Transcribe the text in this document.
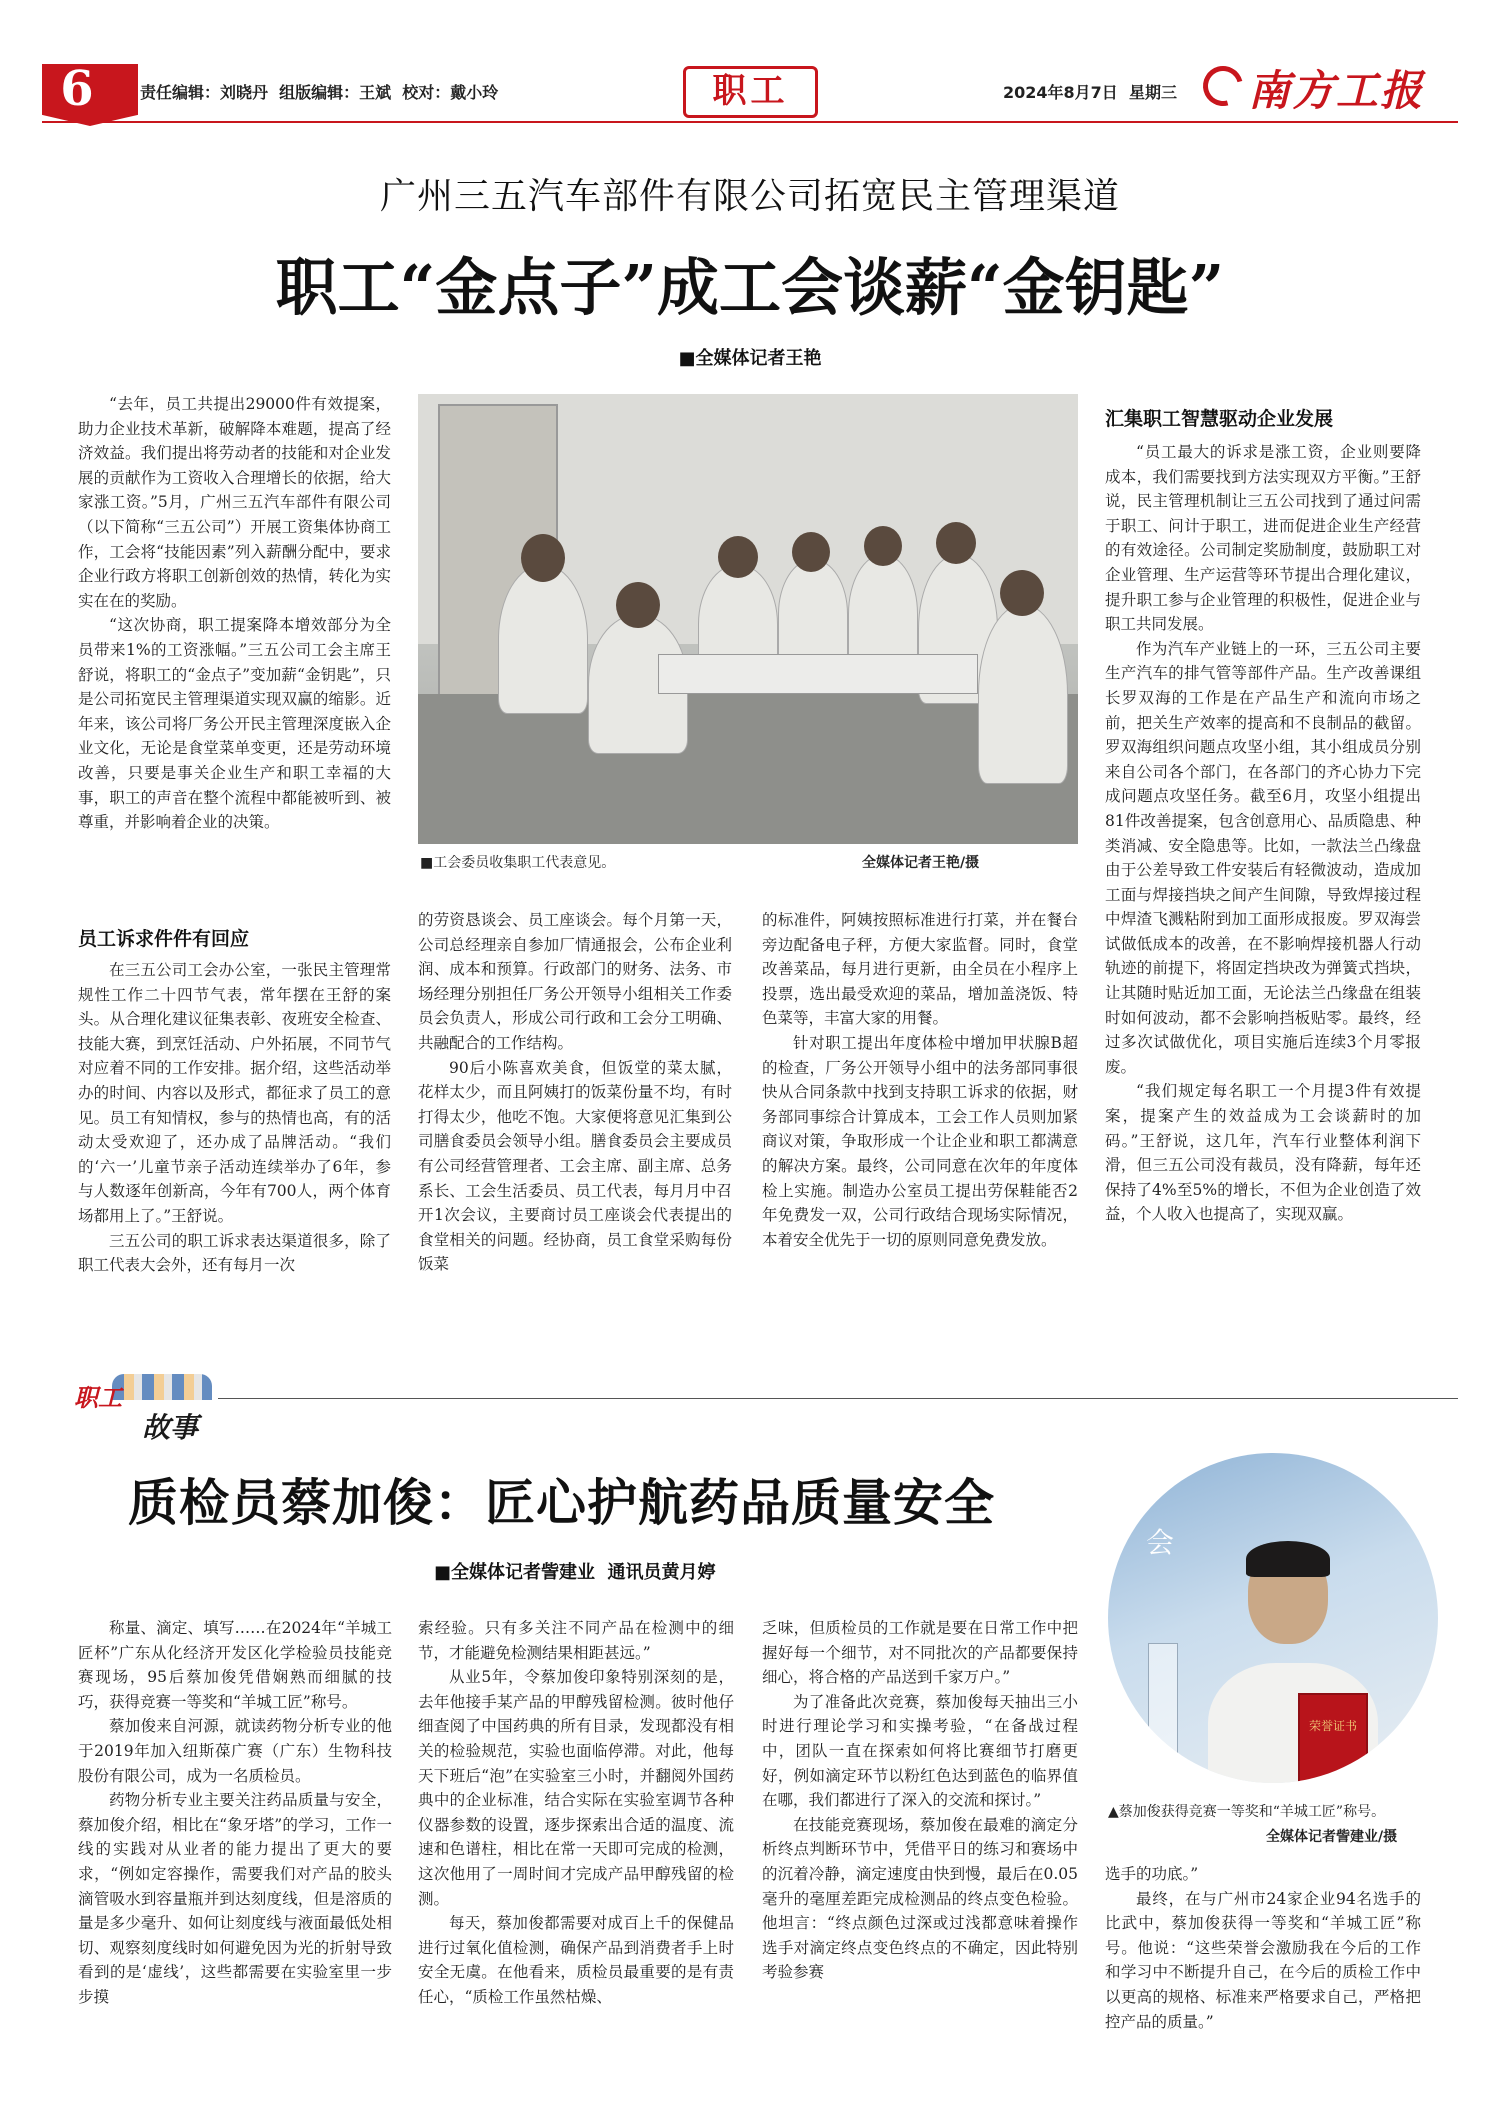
6	责任编辑：刘晓丹  组版编辑：王斌  校对：戴小玲	职工	2024年8月7日  星期三 南方工报
广州三五汽车部件有限公司拓宽民主管理渠道
职工“金点子”成工会谈薪“金钥匙”
■全媒体记者王艳

“去年，员工共提出29000件有效提案，助力企业技术革新，破解降本难题，提高了经济效益。我们提出将劳动者的技能和对企业发展的贡献作为工资收入合理增长的依据，给大家涨工资。”5月，广州三五汽车部件有限公司（以下简称“三五公司”）开展工资集体协商工作，工会将“技能因素”列入薪酬分配中，要求企业行政方将职工创新创效的热情，转化为实实在在的奖励。

“这次协商，职工提案降本增效部分为全员带来1%的工资涨幅。”三五公司工会主席王舒说，将职工的“金点子”变加薪“金钥匙”，只是公司拓宽民主管理渠道实现双赢的缩影。近年来，该公司将厂务公开民主管理深度嵌入企业文化，无论是食堂菜单变更，还是劳动环境改善，只要是事关企业生产和职工幸福的大事，职工的声音在整个流程中都能被听到、被尊重，并影响着企业的决策。

员工诉求件件有回应

在三五公司工会办公室，一张民主管理常规性工作二十四节气表，常年摆在王舒的案头。从合理化建议征集表彰、夜班安全检查、技能大赛，到烹饪活动、户外拓展，不同节气对应着不同的工作安排。据介绍，这些活动举办的时间、内容以及形式，都征求了员工的意见。员工有知情权，参与的热情也高，有的活动太受欢迎了，还办成了品牌活动。“我们的‘六一’儿童节亲子活动连续举办了6年，参与人数逐年创新高，今年有700人，两个体育场都用上了。”王舒说。

三五公司的职工诉求表达渠道很多，除了职工代表大会外，还有每月一次

■工会委员收集职工代表意见。	全媒体记者王艳/摄

的劳资恳谈会、员工座谈会。每个月第一天，公司总经理亲自参加厂情通报会，公布企业利润、成本和预算。行政部门的财务、法务、市场经理分别担任厂务公开领导小组相关工作委员会负责人，形成公司行政和工会分工明确、共融配合的工作结构。

90后小陈喜欢美食，但饭堂的菜太腻，花样太少，而且阿姨打的饭菜份量不均，有时打得太少，他吃不饱。大家便将意见汇集到公司膳食委员会领导小组。膳食委员会主要成员有公司经营管理者、工会主席、副主席、总务系长、工会生活委员、员工代表，每月月中召开1次会议，主要商讨员工座谈会代表提出的食堂相关的问题。经协商，员工食堂采购每份饭菜

的标准件，阿姨按照标准进行打菜，并在餐台旁边配备电子秤，方便大家监督。同时，食堂改善菜品，每月进行更新，由全员在小程序上投票，选出最受欢迎的菜品，增加盖浇饭、特色菜等，丰富大家的用餐。

针对职工提出年度体检中增加甲状腺B超的检查，厂务公开领导小组中的法务部同事很快从合同条款中找到支持职工诉求的依据，财务部同事综合计算成本，工会工作人员则加紧商议对策，争取形成一个让企业和职工都满意的解决方案。最终，公司同意在次年的年度体检上实施。制造办公室员工提出劳保鞋能否2年免费发一双，公司行政结合现场实际情况，本着安全优先于一切的原则同意免费发放。

汇集职工智慧驱动企业发展

“员工最大的诉求是涨工资，企业则要降成本，我们需要找到方法实现双方平衡。”王舒说，民主管理机制让三五公司找到了通过问需于职工、问计于职工，进而促进企业生产经营的有效途径。公司制定奖励制度，鼓励职工对企业管理、生产运营等环节提出合理化建议，提升职工参与企业管理的积极性，促进企业与职工共同发展。

作为汽车产业链上的一环，三五公司主要生产汽车的排气管等部件产品。生产改善课组长罗双海的工作是在产品生产和流向市场之前，把关生产效率的提高和不良制品的截留。罗双海组织问题点攻坚小组，其小组成员分别来自公司各个部门，在各部门的齐心协力下完成问题点攻坚任务。截至6月，攻坚小组提出81件改善提案，包含创意用心、品质隐患、种类消减、安全隐患等。比如，一款法兰凸缘盘由于公差导致工件安装后有轻微波动，造成加工面与焊接挡块之间产生间隙，导致焊接过程中焊渣飞溅粘附到加工面形成报废。罗双海尝试做低成本的改善，在不影响焊接机器人行动轨迹的前提下，将固定挡块改为弹簧式挡块，让其随时贴近加工面，无论法兰凸缘盘在组装时如何波动，都不会影响挡板贴零。最终，经过多次试做优化，项目实施后连续3个月零报废。

“我们规定每名职工一个月提3件有效提案，提案产生的效益成为工会谈薪时的加码。”王舒说，这几年，汽车行业整体利润下滑，但三五公司没有裁员，没有降薪，每年还保持了4%至5%的增长，不但为企业创造了效益，个人收入也提高了，实现双赢。

职工
故事
质检员蔡加俊：匠心护航药品质量安全
■全媒体记者訾建业  通讯员黄月婷
会
荣誉证书
▲蔡加俊获得竞赛一等奖和“羊城工匠”称号。
全媒体记者訾建业/摄

称量、滴定、填写……在2024年“羊城工匠杯”广东从化经济开发区化学检验员技能竞赛现场，95后蔡加俊凭借娴熟而细腻的技巧，获得竞赛一等奖和“羊城工匠”称号。

蔡加俊来自河源，就读药物分析专业的他于2019年加入纽斯葆广赛（广东）生物科技股份有限公司，成为一名质检员。

药物分析专业主要关注药品质量与安全，蔡加俊介绍，相比在“象牙塔”的学习，工作一线的实践对从业者的能力提出了更大的要求，“例如定容操作，需要我们对产品的胶头滴管吸水到容量瓶并到达刻度线，但是溶质的量是多少毫升、如何让刻度线与液面最低处相切、观察刻度线时如何避免因为光的折射导致看到的是‘虚线’，这些都需要在实验室里一步步摸

索经验。只有多关注不同产品在检测中的细节，才能避免检测结果相距甚远。”

从业5年，令蔡加俊印象特别深刻的是，去年他接手某产品的甲醇残留检测。彼时他仔细查阅了中国药典的所有目录，发现都没有相关的检验规范，实验也面临停滞。对此，他每天下班后“泡”在实验室三小时，并翻阅外国药典中的企业标准，结合实际在实验室调节各种仪器参数的设置，逐步探索出合适的温度、流速和色谱柱，相比在常一天即可完成的检测，这次他用了一周时间才完成产品甲醇残留的检测。

每天，蔡加俊都需要对成百上千的保健品进行过氧化值检测，确保产品到消费者手上时安全无虞。在他看来，质检员最重要的是有责任心，“质检工作虽然枯燥、

乏味，但质检员的工作就是要在日常工作中把握好每一个细节，对不同批次的产品都要保持细心，将合格的产品送到千家万户。”

为了准备此次竞赛，蔡加俊每天抽出三小时进行理论学习和实操考验，“在备战过程中，团队一直在探索如何将比赛细节打磨更好，例如滴定环节以粉红色达到蓝色的临界值在哪，我们都进行了深入的交流和探讨。”

在技能竞赛现场，蔡加俊在最难的滴定分析终点判断环节中，凭借平日的练习和赛场中的沉着冷静，滴定速度由快到慢，最后在0.05毫升的毫厘差距完成检测品的终点变色检验。他坦言：“终点颜色过深或过浅都意味着操作选手对滴定终点变色终点的不确定，因此特别考验参赛

选手的功底。”

最终，在与广州市24家企业94名选手的比武中，蔡加俊获得一等奖和“羊城工匠”称号。他说：“这些荣誉会激励我在今后的工作和学习中不断提升自己，在今后的质检工作中以更高的规格、标准来严格要求自己，严格把控产品的质量。”
